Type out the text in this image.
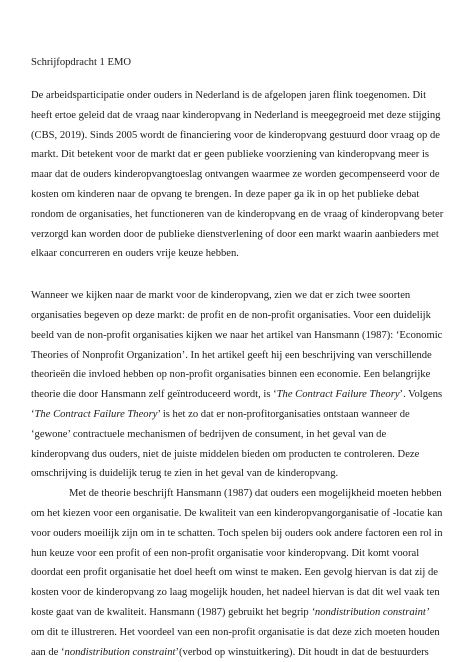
Schrijfopdracht 1 EMO
De arbeidsparticipatie onder ouders in Nederland is de afgelopen jaren flink toegenomen. Dit
heeft ertoe geleid dat de vraag naar kinderopvang in Nederland is meegegroeid met deze stijging
(CBS, 2019). Sinds 2005 wordt de financiering voor de kinderopvang gestuurd door vraag op de
markt. Dit betekent voor de markt dat er geen publieke voorziening van kinderopvang meer is
maar dat de ouders kinderopvangtoeslag ontvangen waarmee ze worden gecompenseerd voor de
kosten om kinderen naar de opvang te brengen. In deze paper ga ik in op het publieke debat
rondom de organisaties, het functioneren van de kinderopvang en de vraag of kinderopvang beter
verzorgd kan worden door de publieke dienstverlening of door een markt waarin aanbieders met
elkaar concurreren en ouders vrije keuze hebben.
Wanneer we kijken naar de markt voor de kinderopvang, zien we dat er zich twee soorten
organisaties begeven op deze markt: de profit en de non-profit organisaties. Voor een duidelijk
beeld van de non-profit organisaties kijken we naar het artikel van Hansmann (1987): ‘Economic
Theories of Nonprofit Organization’. In het artikel geeft hij een beschrijving van verschillende
theorieën die invloed hebben op non-profit organisaties binnen een economie. Een belangrijke
theorie die door Hansmann zelf geïntroduceerd wordt, is ‘The Contract Failure Theory’. Volgens
‘The Contract Failure Theory’ is het zo dat er non-profitorganisaties ontstaan wanneer de
‘gewone’ contractuele mechanismen of bedrijven de consument, in het geval van de
kinderopvang dus ouders, niet de juiste middelen bieden om producten te controleren. Deze
omschrijving is duidelijk terug te zien in het geval van de kinderopvang.
Met de theorie beschrijft Hansmann (1987) dat ouders een mogelijkheid moeten hebben
om het kiezen voor een organisatie. De kwaliteit van een kinderopvangorganisatie of -locatie kan
voor ouders moeilijk zijn om in te schatten. Toch spelen bij ouders ook andere factoren een rol in
hun keuze voor een profit of een non-profit organisatie voor kinderopvang. Dit komt vooral
doordat een profit organisatie het doel heeft om winst te maken. Een gevolg hiervan is dat zij de
kosten voor de kinderopvang zo laag mogelijk houden, het nadeel hiervan is dat dit wel vaak ten
koste gaat van de kwaliteit. Hansmann (1987) gebruikt het begrip ‘nondistribution constraint’
om dit te illustreren. Het voordeel van een non-profit organisatie is dat deze zich moeten houden
aan de ‘nondistribution constraint’(verbod op winstuitkering). Dit houdt in dat de bestuurders
